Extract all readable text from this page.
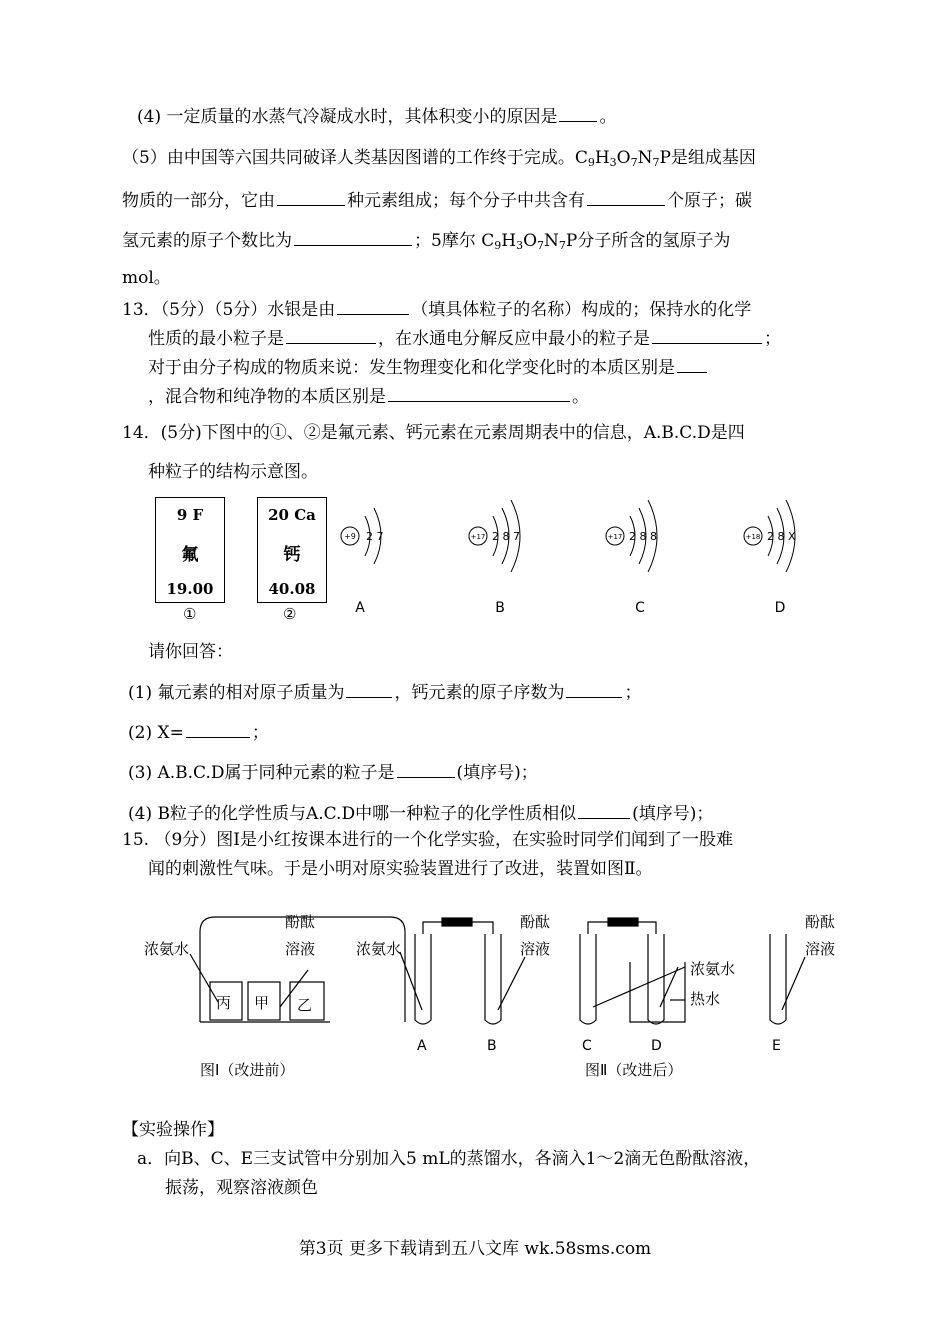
(4) 一定质量的水蒸气冷凝成水时，其体积变小的原因是 。
（5）由中国等六国共同破译人类基因图谱的工作终于完成。$C_9H_3O_7N_7P$是组成基因
物质的一部分，它由	种元素组成；每个分子中共含有	个原子；碳
氢元素的原子个数比为	；5摩尔 $C_9H_3O_7N_7P$分子所含的氢原子为
mol。
13．（5分）（5分）水银是由	（填具体粒子的名称）构成的；保持水的化学
性质的最小粒子是	，在水通电分解反应中最小的粒子是	；
对于由分子构成的物质来说：发生物理变化和化学变化时的本质区别是
，混合物和纯净物的本质区别是	。
14．(5分)下图中的①、②是氟元素、钙元素在元素周期表中的信息，A.B.C.D是四
种粒子的结构示意图。
9 F
氟
19.00
①
20 Ca
钙
40.08
②
+9 2 7
A
+17 2 8 7
B
+17 2 8 8
C
+18 2 8 X
D
请你回答：
(1) 氟元素的相对原子质量为	，钙元素的原子序数为	；
(2) X=	；
(3) A.B.C.D属于同种元素的粒子是	(填序号)；
(4) B粒子的化学性质与A.C.D中哪一种粒子的化学性质相似	(填序号)；
15. （9分）图Ⅰ是小红按课本进行的一个化学实验，在实验时同学们闻到了一股难
闻的刺激性气味。于是小明对原实验装置进行了改进，装置如图Ⅱ。
浓氨水
酚酞
溶液
丙 甲 乙
图Ⅰ（改进前）
浓氨水
酚酞
溶液
浓氨水
热水
酚酞
溶液
A	B	C	D	E
图Ⅱ（改进后）
【实验操作】
a．向B、C、E三支试管中分别加入5 mL的蒸馏水，各滴入1～2滴无色酚酞溶液，
振荡，观察溶液颜色
第3页 更多下载请到五八文库 wk.58sms.com
